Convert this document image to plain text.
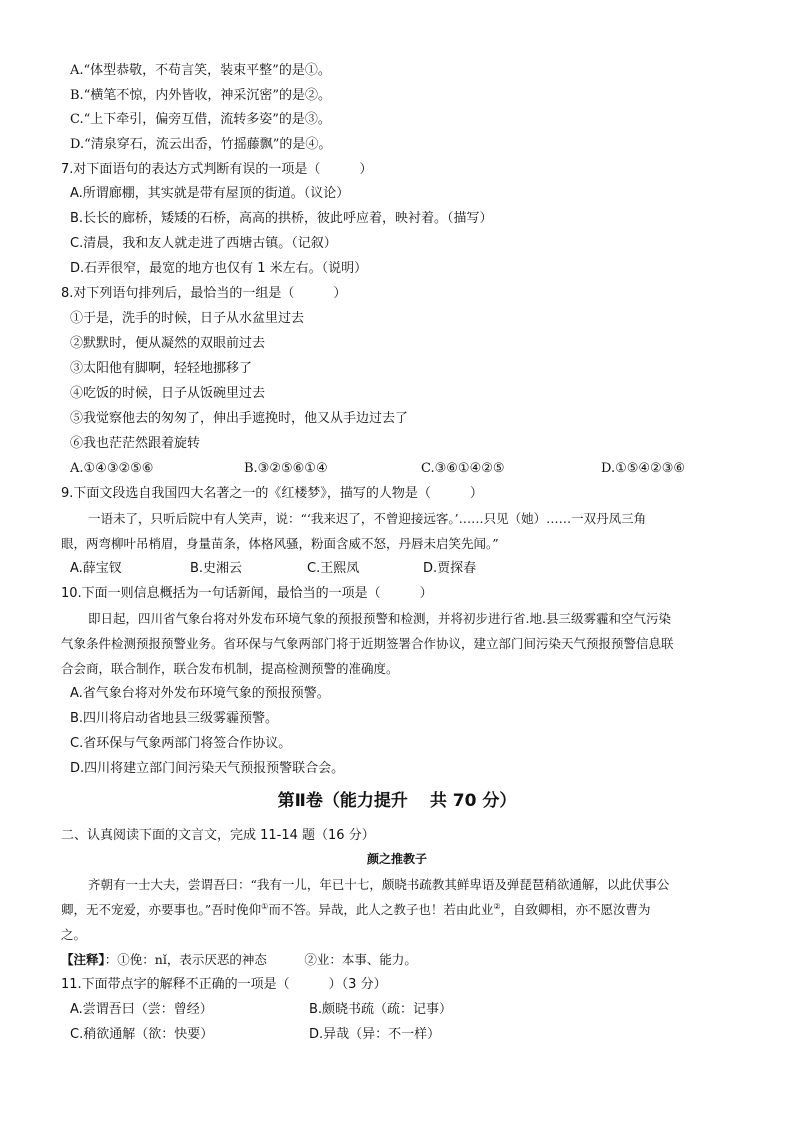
A.“体型恭敬，不苟言笑，装束平整”的是①。
B.“横笔不惊，内外皆收，神采沉密”的是②。
C.“上下牵引，偏旁互借，流转多姿”的是③。
D.“清泉穿石，流云出岙，竹摇藤飘”的是④。
7.对下面语句的表达方式判断有误的一项是（　　　）
A.所谓廊棚，其实就是带有屋顶的街道。（议论）
B.长长的廊桥，矮矮的石桥，高高的拱桥，彼此呼应着，映衬着。（描写）
C.清晨，我和友人就走进了西塘古镇。（记叙）
D.石弄很窄，最宽的地方也仅有 1 米左右。（说明）
8.对下列语句排列后，最恰当的一组是（　　　）
①于是，洗手的时候，日子从水盆里过去
②默默时，便从凝然的双眼前过去
③太阳他有脚啊，轻轻地挪移了
④吃饭的时候，日子从饭碗里过去
⑤我觉察他去的匆匆了，伸出手遮挽时，他又从手边过去了
⑥我也茫茫然跟着旋转
A.①④③②⑤⑥	B.③②⑤⑥①④	C.③⑥①④②⑤	D.①⑤④②③⑥
9.下面文段选自我国四大名著之一的《红楼梦》，描写的人物是（　　　）
一语未了，只听后院中有人笑声，说：“‘我来迟了，不曾迎接远客。’……只见（她）……一双丹凤三角
眼，两弯柳叶吊梢眉，身量苗条，体格风骚，粉面含威不怒，丹唇未启笑先闻。”
A.薛宝钗	B.史湘云	C.王熙凤	D.贾探春
10.下面一则信息概括为一句话新闻，最恰当的一项是（　　　）
即日起，四川省气象台将对外发布环境气象的预报预警和检测，并将初步进行省.地.县三级雾霾和空气污染
气象条件检测预报预警业务。省环保与气象两部门将于近期签署合作协议，建立部门间污染天气预报预警信息联
合会商，联合制作，联合发布机制，提高检测预警的准确度。
A.省气象台将对外发布环境气象的预报预警。
B.四川将启动省地县三级雾霾预警。
C.省环保与气象两部门将签合作协议。
D.四川将建立部门间污染天气预报预警联合会。
第Ⅱ卷（能力提升 共 70 分）
二、认真阅读下面的文言文，完成 11-14 题（16 分）
颜之推教子
齐朝有一士大夫，尝谓吾曰：“我有一儿，年已十七，颇晓书疏教其鲜卑语及弹琵琶稍欲通解，以此伏事公
卿，无不宠爱，亦要事也。”吾时俛仰①而不答。异哉，此人之教子也！若由此业②，自致卿相，亦不愿汝曹为
之。
【注释】：①俛：nǐ，表示厌恶的神态　　　②业：本事、能力。
11.下面带点字的解释不正确的一项是（　　　）（3 分）
A.尝谓吾曰（尝：曾经）	B.颇晓书疏（疏：记事）
C.稍欲通解（欲：快要）	D.异哉（异：不一样）
